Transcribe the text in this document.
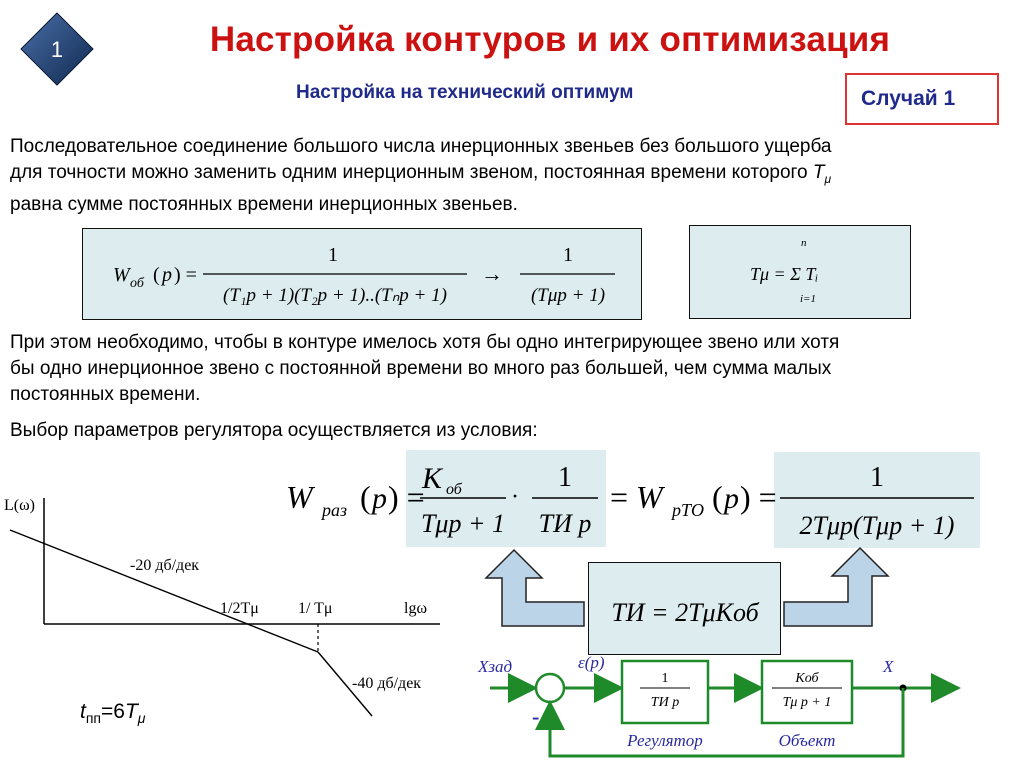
1	Настройка контуров и их оптимизация
Настройка на технический оптимум	Случай 1
Последовательное соединение большого числа инерционных звеньев без большого ущерба
для точности можно заменить одним инерционным звеном, постоянная времени которого $T_\mu$
равна сумме постоянных времени инерционных звеньев.
W об ( p ) =
1
(T₁p + 1)(T₂p + 1)..(Tₙp + 1)
→
1
(Tμp + 1)
n
Tμ = Σ Tᵢ
i=1
При этом необходимо, чтобы в контуре имелось хотя бы одно интегрирующее звено или хотя
бы одно инерционное звено с постоянной времени во много раз большей, чем сумма малых
постоянных времени.
Выбор параметров регулятора осуществляется из условия:
W раз ( p ) =
K об
Tμp + 1
·
1
TИ p
= W рТО ( p ) =
1
2Tμp(Tμp + 1)
TИ = 2TμKоб
L(ω)
lgω
-20 дб/дек
-40 дб/дек
1/2Tμ 1/ Tμ
$t_{пп}=6T_\mu$
Xзад	ε(p)	X
1
TИ p
Kоб
Tμ p + 1
-
Регулятор	Объект
